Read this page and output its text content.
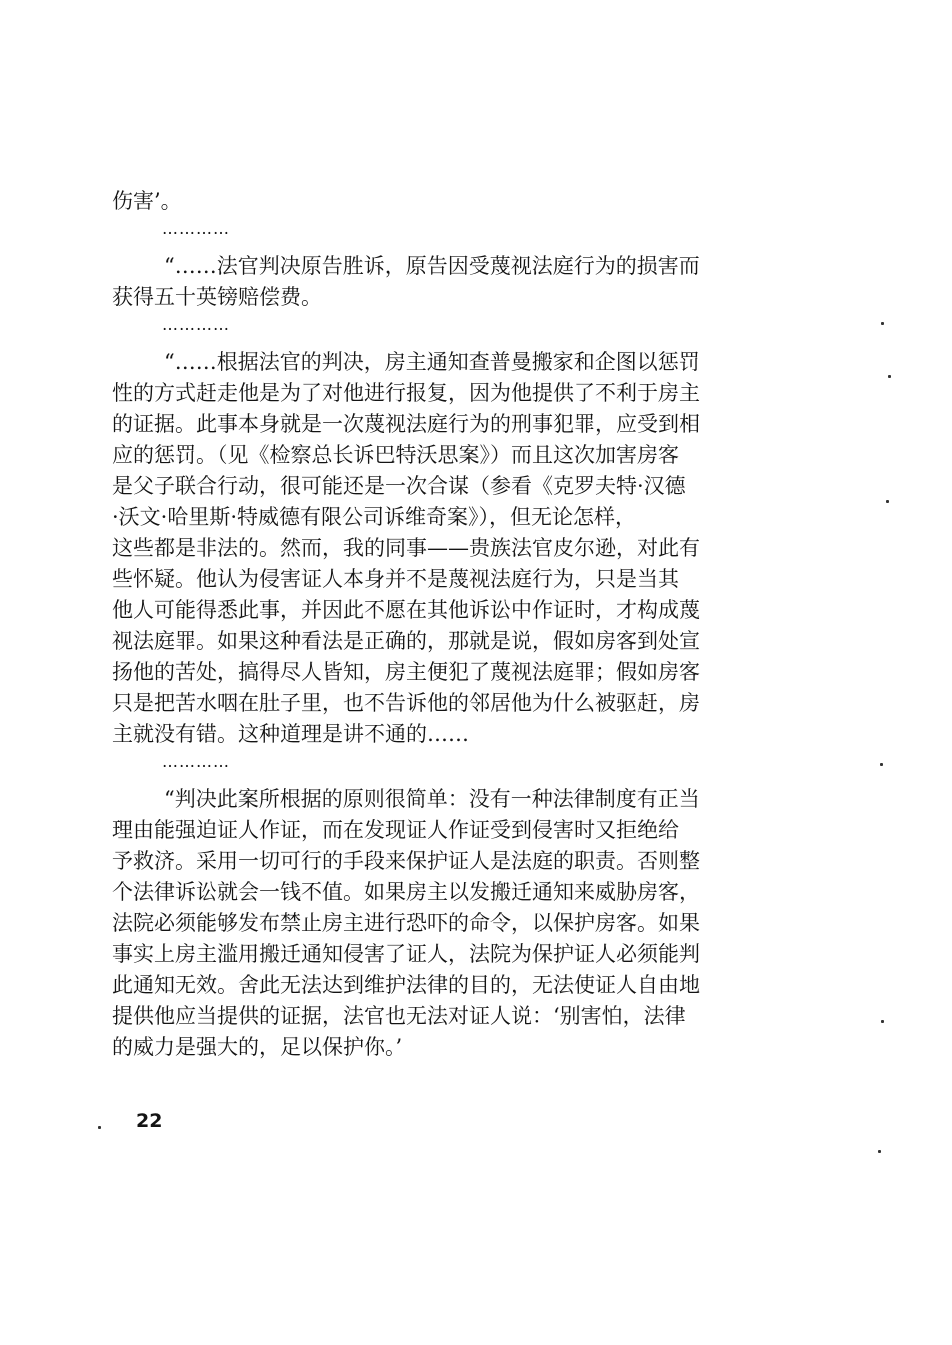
伤害’。
…………
“……法官判决原告胜诉，原告因受蔑视法庭行为的损害而
获得五十英镑赔偿费。
…………
“……根据法官的判决，房主通知查普曼搬家和企图以惩罚
性的方式赶走他是为了对他进行报复，因为他提供了不利于房主
的证据。此事本身就是一次蔑视法庭行为的刑事犯罪，应受到相
应的惩罚。（见《检察总长诉巴特沃思案》）而且这次加害房客
是父子联合行动，很可能还是一次合谋（参看《克罗夫特·汉德
·沃文·哈里斯·特威德有限公司诉维奇案》），但无论怎样，
这些都是非法的。然而，我的同事——贵族法官皮尔逊，对此有
些怀疑。他认为侵害证人本身并不是蔑视法庭行为，只是当其
他人可能得悉此事，并因此不愿在其他诉讼中作证时，才构成蔑
视法庭罪。如果这种看法是正确的，那就是说，假如房客到处宣
扬他的苦处，搞得尽人皆知，房主便犯了蔑视法庭罪；假如房客
只是把苦水咽在肚子里，也不告诉他的邻居他为什么被驱赶，房
主就没有错。这种道理是讲不通的……
…………
“判决此案所根据的原则很简单：没有一种法律制度有正当
理由能强迫证人作证，而在发现证人作证受到侵害时又拒绝给
予救济。采用一切可行的手段来保护证人是法庭的职责。否则整
个法律诉讼就会一钱不值。如果房主以发搬迁通知来威胁房客，
法院必须能够发布禁止房主进行恐吓的命令，以保护房客。如果
事实上房主滥用搬迁通知侵害了证人，法院为保护证人必须能判
此通知无效。舍此无法达到维护法律的目的，无法使证人自由地
提供他应当提供的证据，法官也无法对证人说：‘别害怕，法律
的威力是强大的，足以保护你。’
22
